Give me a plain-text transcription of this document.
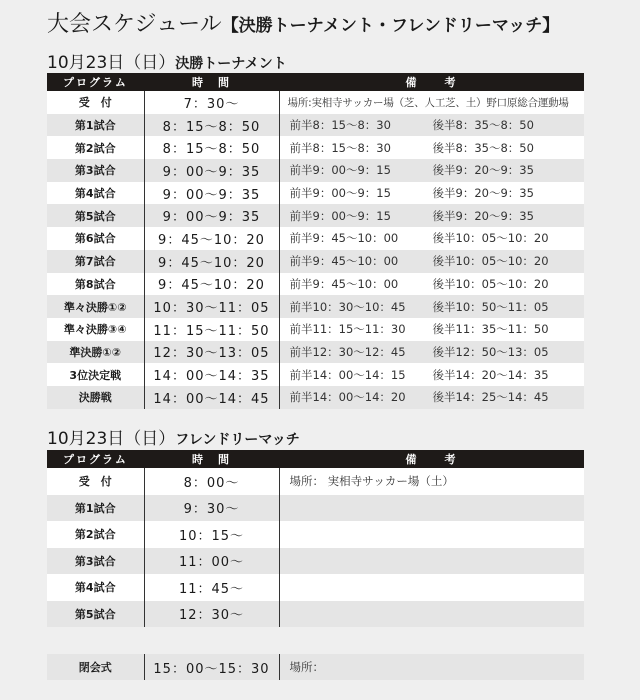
大会スケジュール【決勝トーナメント・フレンドリーマッチ】
10月23日（日）決勝トーナメント
プログラム	時　間	備　　考
受　付	7：30〜	場所:実相寺サッカー場（芝、人工芝、土）野口原総合運動場
第1試合	8：15〜8：50	前半8：15〜8：30 後半8：35〜8：50
第2試合	8：15〜8：50	前半8：15〜8：30 後半8：35〜8：50
第3試合	9：00〜9：35	前半9：00〜9：15 後半9：20〜9：35
第4試合	9：00〜9：35	前半9：00〜9：15 後半9：20〜9：35
第5試合	9：00〜9：35	前半9：00〜9：15 後半9：20〜9：35
第6試合	9：45〜10：20	前半9：45〜10：00 後半10：05〜10：20
第7試合	9：45〜10：20	前半9：45〜10：00 後半10：05〜10：20
第8試合	9：45〜10：20	前半9：45〜10：00 後半10：05〜10：20
準々決勝①②	10：30〜11：05	前半10：30〜10：45 後半10：50〜11：05
準々決勝③④	11：15〜11：50	前半11：15〜11：30 後半11：35〜11：50
準決勝①②	12：30〜13：05	前半12：30〜12：45 後半12：50〜13：05
3位決定戦	14：00〜14：35	前半14：00〜14：15 後半14：20〜14：35
決勝戦	14：00〜14：45	前半14：00〜14：20 後半14：25〜14：45
10月23日（日）フレンドリーマッチ
プログラム	時　間	備　　考
受　付	8：00〜	場所： 実相寺サッカー場（土）
第1試合	9：30〜	
第2試合	10：15〜	
第3試合	11：00〜	
第4試合	11：45〜	
第5試合	12：30〜	

閉会式	15：00〜15：30	場所：
